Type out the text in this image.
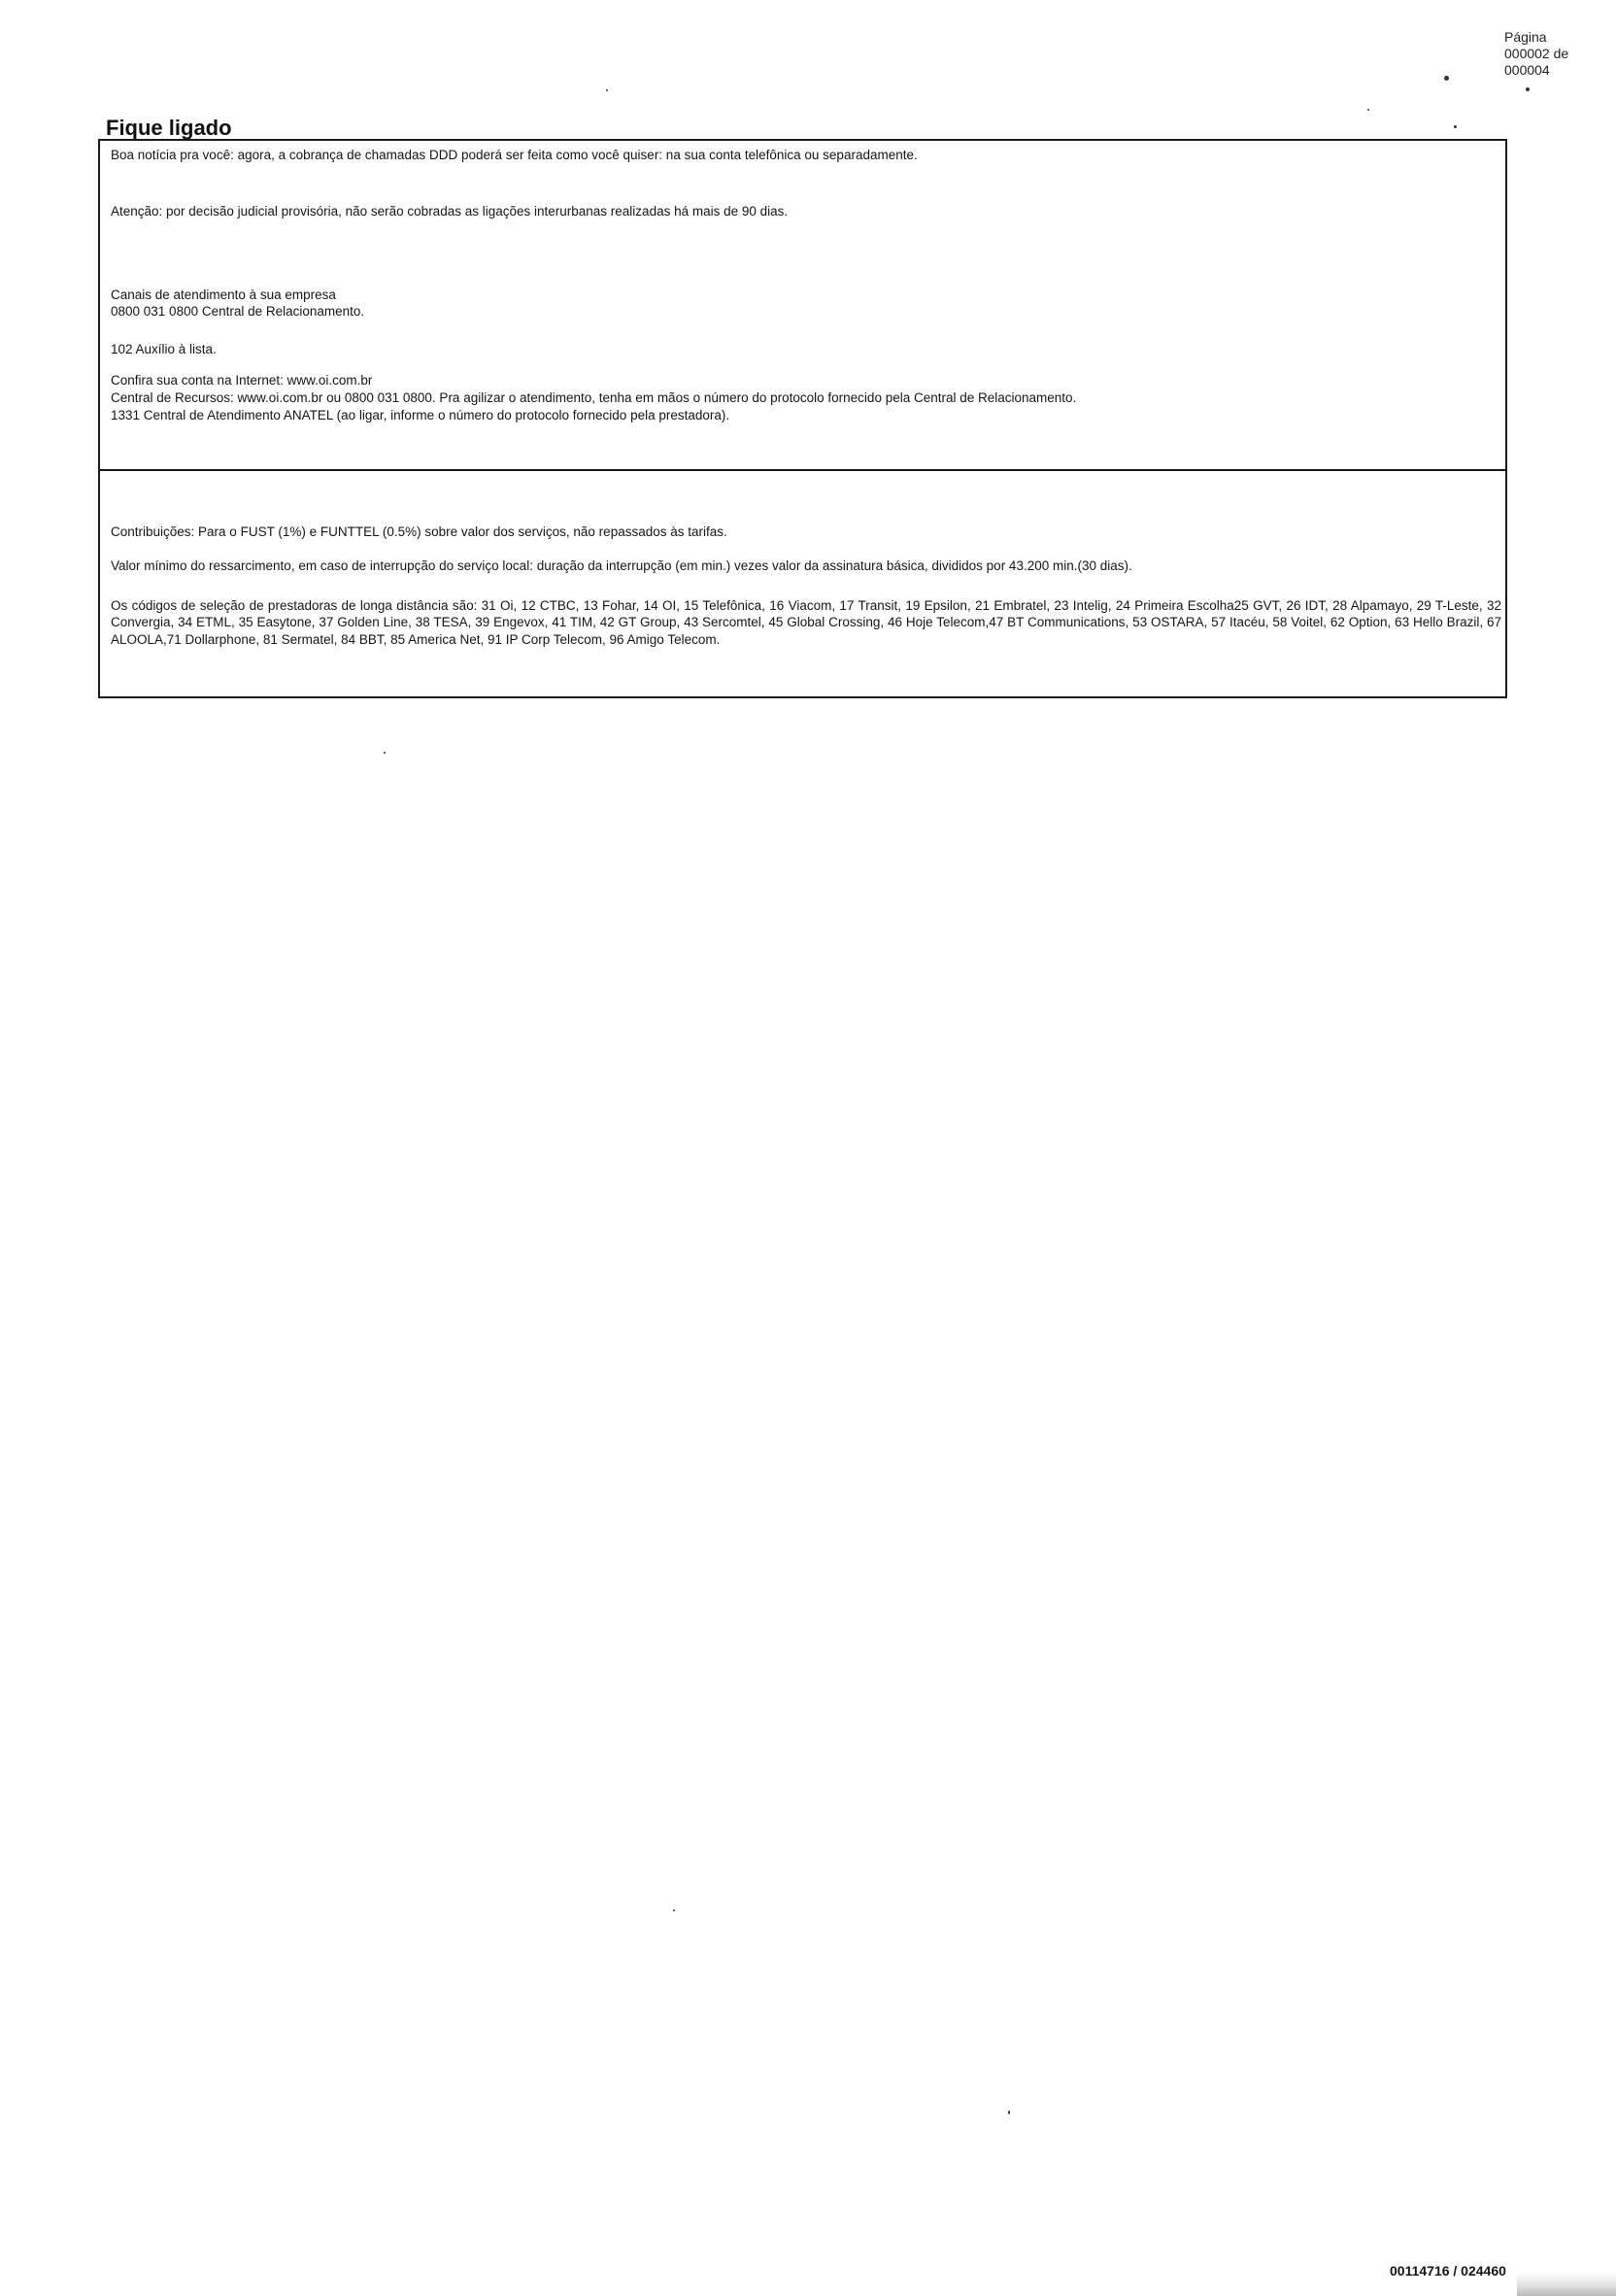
Página
000002 de
000004
Fique ligado
Boa notícia pra você: agora, a cobrança de chamadas DDD poderá ser feita como você quiser: na sua conta telefônica ou separadamente.
Atenção: por decisão judicial provisória, não serão cobradas as ligações interurbanas realizadas há mais de 90 dias.
Canais de atendimento à sua empresa
0800 031 0800 Central de Relacionamento.
102 Auxílio à lista.
Confira sua conta na Internet: www.oi.com.br
Central de Recursos: www.oi.com.br ou 0800 031 0800. Pra agilizar o atendimento, tenha em mãos o número do protocolo fornecido pela Central de Relacionamento.
1331 Central de Atendimento ANATEL (ao ligar, informe o número do protocolo fornecido pela prestadora).
Contribuições: Para o FUST (1%) e FUNTTEL (0.5%) sobre valor dos serviços, não repassados às tarifas.
Valor mínimo do ressarcimento, em caso de interrupção do serviço local: duração da interrupção (em min.) vezes valor da assinatura básica, divididos por 43.200 min.(30 dias).
Os códigos de seleção de prestadoras de longa distância são: 31 Oi, 12 CTBC, 13 Fohar, 14 OI, 15 Telefônica, 16 Viacom, 17 Transit, 19 Epsilon, 21 Embratel, 23 Intelig, 24 Primeira Escolha25 GVT, 26 IDT, 28 Alpamayo, 29 T-Leste, 32 Convergia, 34 ETML, 35 Easytone, 37 Golden Line, 38 TESA, 39 Engevox, 41 TIM, 42 GT Group, 43 Sercomtel, 45 Global Crossing, 46 Hoje Telecom,47 BT Communications, 53 OSTARA, 57 Itacéu, 58 Voitel, 62 Option, 63 Hello Brazil, 67 ALOOLA,71 Dollarphone, 81 Sermatel, 84 BBT, 85 America Net, 91 IP Corp Telecom, 96 Amigo Telecom.
00114716 / 024460
